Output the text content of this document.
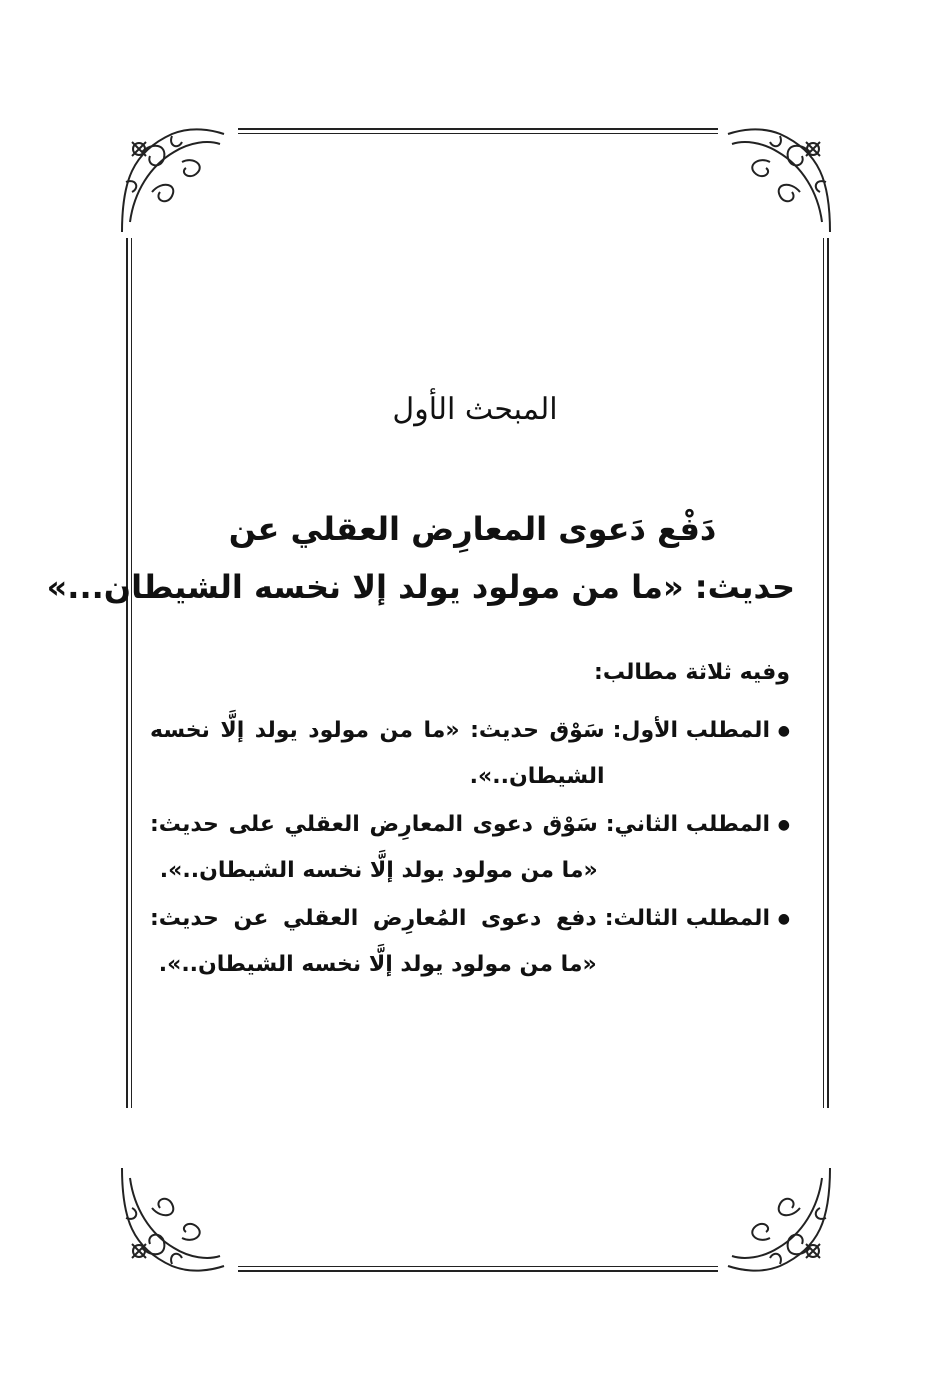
المبحث الأول
دَفْع دَعوى المعارِض العقلي عن
حديث: «ما من مولود يولد إلا نخسه الشيطان...»
وفيه ثلاثة مطالب:
●
المطلب الأول:
سَوْق حديث: «ما من مولود يولد إلَّا نخسه الشيطان..».
●
المطلب الثاني:
سَوْق دعوى المعارِض العقلي على حديث: «ما من مولود يولد إلَّا نخسه الشيطان..».
●
المطلب الثالث:
دفع دعوى المُعارِض العقلي عن حديث: «ما من مولود يولد إلَّا نخسه الشيطان..».
